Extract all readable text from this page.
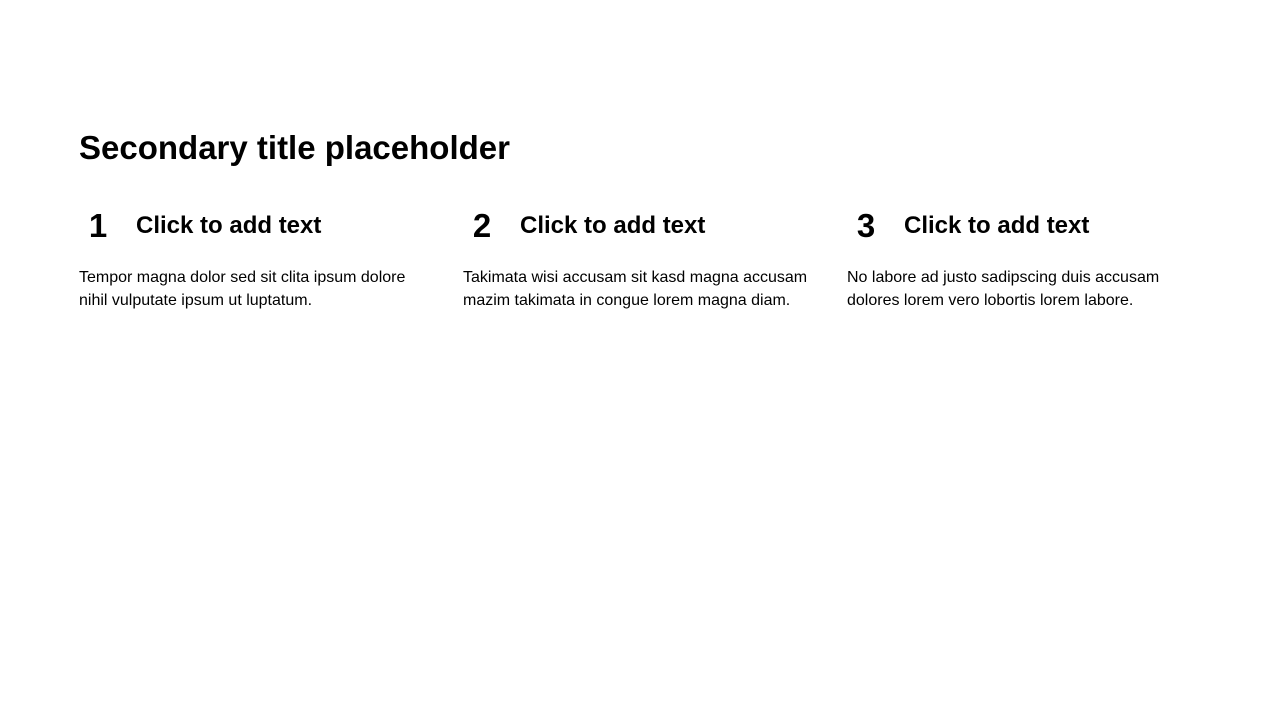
Secondary title placeholder
1	Click to add text

Tempor magna dolor sed sit clita ipsum dolore nihil vulputate ipsum ut luptatum.

2	Click to add text

Takimata wisi accusam sit kasd magna accusam mazim takimata in congue lorem magna diam.

3	Click to add text

No labore ad justo sadipscing duis accusam dolores lorem vero lobortis lorem labore.
